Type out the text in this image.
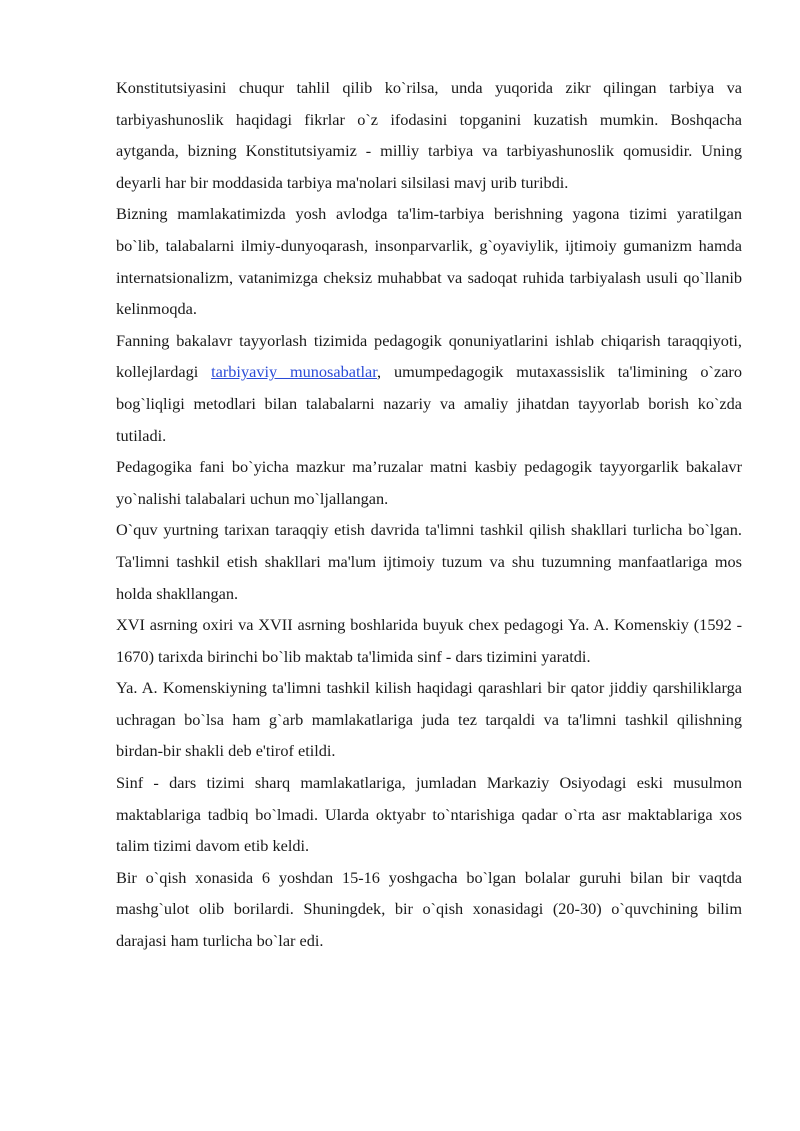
Konstitutsiyasini chuqur tahlil qilib ko`rilsa, unda yuqorida zikr qilingan tarbiya va tarbiyashunoslik haqidagi fikrlar o`z ifodasini topganini kuzatish mumkin. Boshqacha aytganda, bizning Konstitutsiyamiz - milliy tarbiya va tarbiyashunoslik qomusidir. Uning deyarli har bir moddasida tarbiya ma'nolari silsilasi mavj urib turibdi.

Bizning mamlakatimizda yosh avlodga ta'lim-tarbiya berishning yagona tizimi yaratilgan bo`lib, talabalarni ilmiy-dunyoqarash, insonparvarlik, g`oyaviylik, ijtimoiy gumanizm hamda internatsionalizm, vatanimizga cheksiz muhabbat va sadoqat ruhida tarbiyalash usuli qo`llanib kelinmoqda.

Fanning bakalavr tayyorlash tizimida pedagogik qonuniyatlarini ishlab chiqarish taraqqiyoti, kollejlardagi tarbiyaviy munosabatlar, umumpedagogik mutaxassislik ta'limining o`zaro bog`liqligi metodlari bilan talabalarni nazariy va amaliy jihatdan tayyorlab borish ko`zda tutiladi.

Pedagogika fani bo`yicha mazkur ma’ruzalar matni kasbiy pedagogik tayyorgarlik bakalavr yo`nalishi talabalari uchun mo`ljallangan.

O`quv yurtning tarixan taraqqiy etish davrida ta'limni tashkil qilish shakllari turlicha bo`lgan. Ta'limni tashkil etish shakllari ma'lum ijtimoiy tuzum va shu tuzumning manfaatlariga mos holda shakllangan.

XVI asrning oxiri va XVII asrning boshlarida buyuk chex pedagogi Ya. A. Komenskiy (1592 - 1670) tarixda birinchi bo`lib maktab ta'limida sinf - dars tizimini yaratdi.

Ya. A. Komenskiyning ta'limni tashkil kilish haqidagi qarashlari bir qator jiddiy qarshiliklarga uchragan bo`lsa ham g`arb mamlakatlariga juda tez tarqaldi va ta'limni tashkil qilishning birdan-bir shakli deb e'tirof etildi.

Sinf - dars tizimi sharq mamlakatlariga, jumladan Markaziy Osiyodagi eski musulmon maktablariga tadbiq bo`lmadi. Ularda oktyabr to`ntarishiga qadar o`rta asr maktablariga xos talim tizimi davom etib keldi.

Bir o`qish xonasida 6 yoshdan 15-16 yoshgacha bo`lgan bolalar guruhi bilan bir vaqtda mashg`ulot olib borilardi. Shuningdek, bir o`qish xonasidagi (20-30) o`quvchining bilim darajasi ham turlicha bo`lar edi.
